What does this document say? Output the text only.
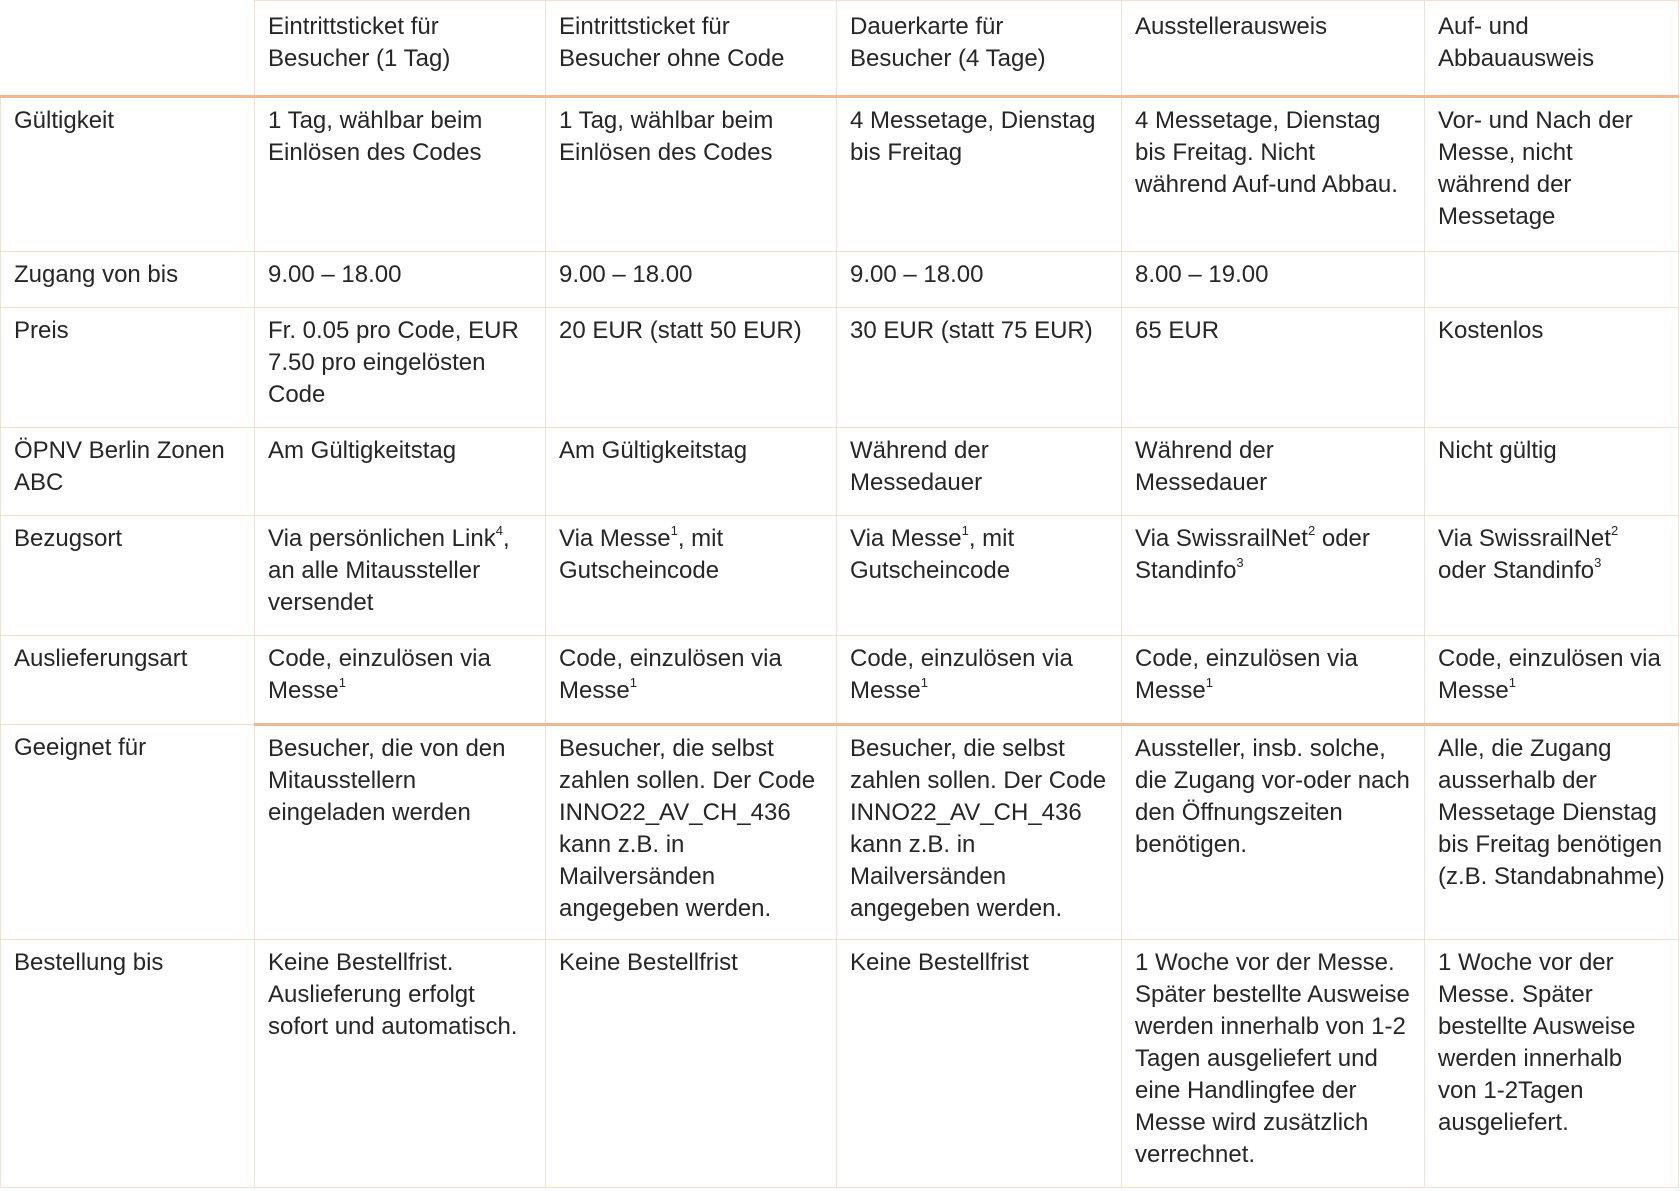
	Eintrittsticket für Besucher (1 Tag)	Eintrittsticket für Besucher ohne Code	Dauerkarte für Besucher (4 Tage)	Ausstellerausweis	Auf- und Abbauausweis
Gültigkeit	1 Tag, wählbar beim Einlösen des Codes	1 Tag, wählbar beim Einlösen des Codes	4 Messetage, Dienstag bis Freitag	4 Messetage, Dienstag bis Freitag. Nicht während Auf-und Abbau.	Vor- und Nach der Messe, nicht während der Messetage
Zugang von bis	9.00 – 18.00	9.00 – 18.00	9.00 – 18.00	8.00 – 19.00	
Preis	Fr. 0.05 pro Code, EUR 7.50 pro eingelösten Code	20 EUR (statt 50 EUR)	30 EUR (statt 75 EUR)	65 EUR	Kostenlos
ÖPNV Berlin Zonen ABC	Am Gültigkeitstag	Am Gültigkeitstag	Während der Messedauer	Während der Messedauer	Nicht gültig
Bezugsort	Via persönlichen Link$^4$, an alle Mitaussteller versendet	Via Messe$^1$, mit Gutscheincode	Via Messe$^1$, mit Gutscheincode	Via SwissrailNet$^2$ oder Standinfo$^3$	Via SwissrailNet$^2$ oder Standinfo$^3$
Auslieferungsart	Code, einzulösen via Messe$^1$	Code, einzulösen via Messe$^1$	Code, einzulösen via Messe$^1$	Code, einzulösen via Messe$^1$	Code, einzulösen via Messe$^1$
Geeignet für	Besucher, die von den Mitausstellern eingeladen werden	Besucher, die selbst zahlen sollen. Der Code INNO22_AV_CH_436 kann z.B. in Mailversänden angegeben werden.	Besucher, die selbst zahlen sollen. Der Code INNO22_AV_CH_436 kann z.B. in Mailversänden angegeben werden.	Aussteller, insb. solche, die Zugang vor-oder nach den Öffnungszeiten benötigen.	Alle, die Zugang ausserhalb der Messetage Dienstag bis Freitag benötigen (z.B. Standabnahme)
Bestellung bis	Keine Bestellfrist. Auslieferung erfolgt sofort und automatisch.	Keine Bestellfrist	Keine Bestellfrist	1 Woche vor der Messe. Später bestellte Ausweise werden innerhalb von 1-2 Tagen ausgeliefert und eine Handlingfee der Messe wird zusätzlich verrechnet.	1 Woche vor der Messe. Später bestellte Ausweise werden innerhalb von 1-2Tagen ausgeliefert.
